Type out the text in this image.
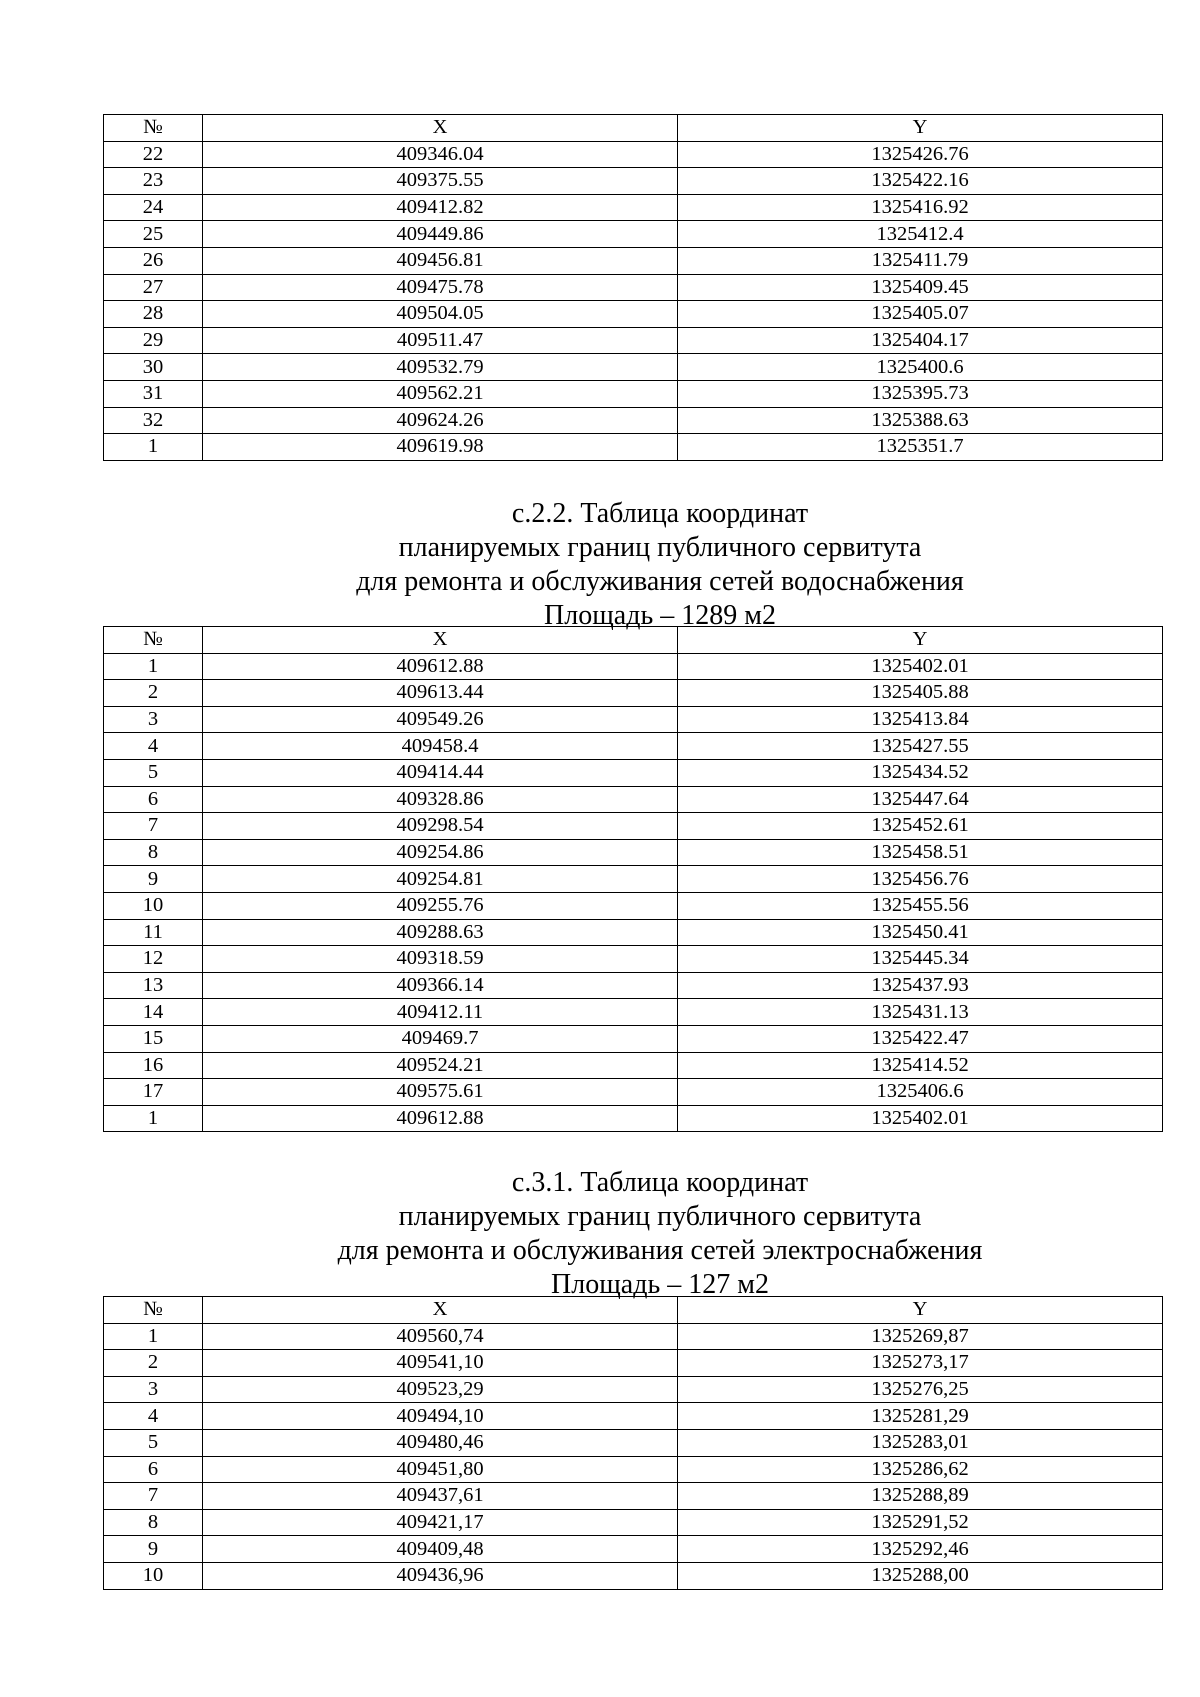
№	X	Y
22	409346.04	1325426.76
23	409375.55	1325422.16
24	409412.82	1325416.92
25	409449.86	1325412.4
26	409456.81	1325411.79
27	409475.78	1325409.45
28	409504.05	1325405.07
29	409511.47	1325404.17
30	409532.79	1325400.6
31	409562.21	1325395.73
32	409624.26	1325388.63
1	409619.98	1325351.7
с.2.2. Таблица координат
планируемых границ публичного сервитута
для ремонта и обслуживания сетей водоснабжения
Площадь – 1289 м2
№	X	Y
1	409612.88	1325402.01
2	409613.44	1325405.88
3	409549.26	1325413.84
4	409458.4	1325427.55
5	409414.44	1325434.52
6	409328.86	1325447.64
7	409298.54	1325452.61
8	409254.86	1325458.51
9	409254.81	1325456.76
10	409255.76	1325455.56
11	409288.63	1325450.41
12	409318.59	1325445.34
13	409366.14	1325437.93
14	409412.11	1325431.13
15	409469.7	1325422.47
16	409524.21	1325414.52
17	409575.61	1325406.6
1	409612.88	1325402.01
с.3.1. Таблица координат
планируемых границ публичного сервитута
для ремонта и обслуживания сетей электроснабжения
Площадь – 127 м2
№	X	Y
1	409560,74	1325269,87
2	409541,10	1325273,17
3	409523,29	1325276,25
4	409494,10	1325281,29
5	409480,46	1325283,01
6	409451,80	1325286,62
7	409437,61	1325288,89
8	409421,17	1325291,52
9	409409,48	1325292,46
10	409436,96	1325288,00
